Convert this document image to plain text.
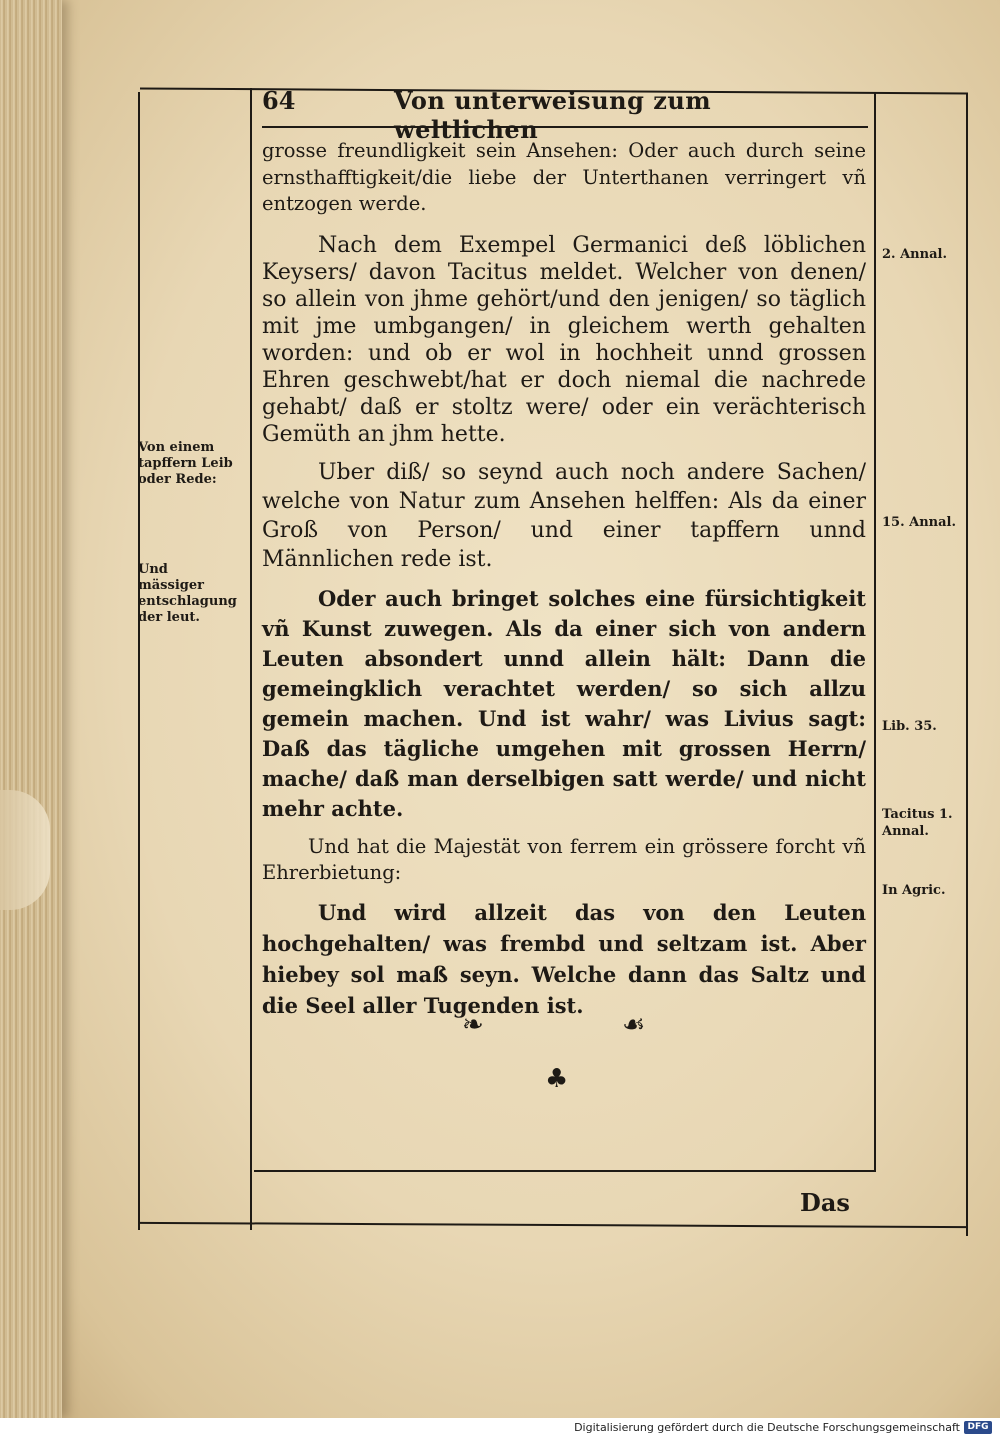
64	Von unterweisung zum weltlichen

grosse freundligkeit sein Ansehen: Oder auch durch seine ernsthafftigkeit/die liebe der Unterthanen verringert vñ entzogen werde.

Nach dem Exempel Germanici deß löblichen Keysers/ davon Tacitus meldet. Welcher von denen/ so allein von jhme gehört/und den jenigen/ so täglich mit jme umbgangen/ in gleichem werth gehalten worden: und ob er wol in hochheit unnd grossen Ehren geschwebt/hat er doch niemal die nachrede gehabt/ daß er stoltz were/ oder ein verächterisch Gemüth an jhm hette.

Uber diß/ so seynd auch noch andere Sachen/ welche von Natur zum Ansehen helffen: Als da einer Groß von Person/ und einer tapffern unnd Männlichen rede ist.

Oder auch bringet solches eine fürsichtigkeit vñ Kunst zuwegen. Als da einer sich von andern Leuten absondert unnd allein hält: Dann die gemeingklich verachtet werden/ so sich allzu gemein machen. Und ist wahr/ was Livius sagt: Daß das tägliche umgehen mit grossen Herrn/ mache/ daß man derselbigen satt werde/ und nicht mehr achte.

Und hat die Majestät von ferrem ein grössere forcht vñ Ehrerbietung:

Und wird allzeit das von den Leuten hochgehalten/ was frembd und seltzam ist. Aber hiebey sol maß seyn. Welche dann das Saltz und die Seel aller Tugenden ist.

Von einem tapffern Leib oder Rede:
Und mässiger entschlagung der leut.
2. Annal.
15. Annal.
Lib. 35.
Tacitus 1. Annal.
In Agric.
❧	☙
♣
Das
Digitalisierung gefördert durch die Deutsche Forschungsgemeinschaft DFG
